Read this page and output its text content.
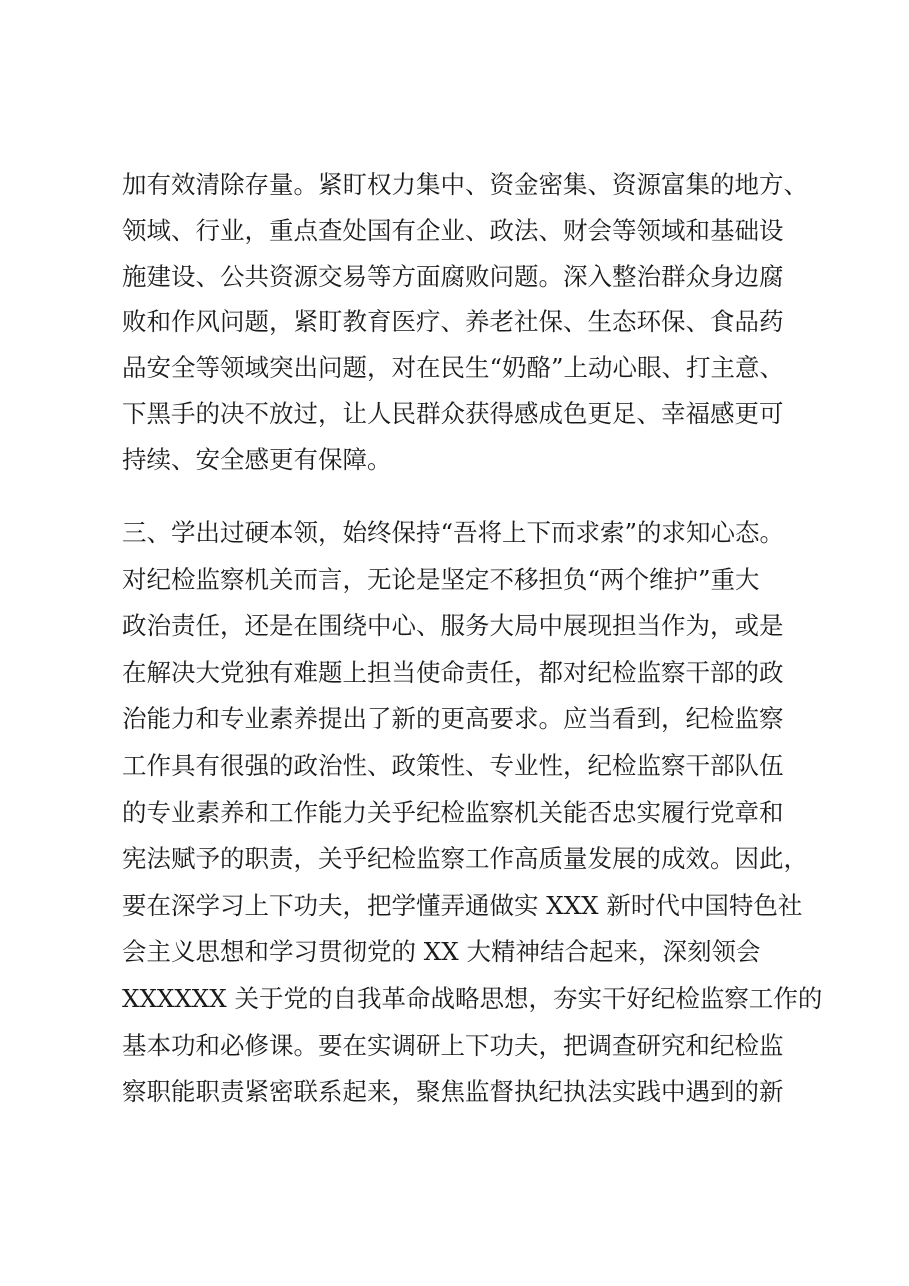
加有效清除存量。紧盯权力集中、资金密集、资源富集的地方、
领域、行业，重点查处国有企业、政法、财会等领域和基础设
施建设、公共资源交易等方面腐败问题。深入整治群众身边腐
败和作风问题，紧盯教育医疗、养老社保、生态环保、食品药
品安全等领域突出问题，对在民生“奶酪”上动心眼、打主意、
下黑手的决不放过，让人民群众获得感成色更足、幸福感更可
持续、安全感更有保障。
三、学出过硬本领，始终保持“吾将上下而求索”的求知心态。
对纪检监察机关而言，无论是坚定不移担负“两个维护”重大
政治责任，还是在围绕中心、服务大局中展现担当作为，或是
在解决大党独有难题上担当使命责任，都对纪检监察干部的政
治能力和专业素养提出了新的更高要求。应当看到，纪检监察
工作具有很强的政治性、政策性、专业性，纪检监察干部队伍
的专业素养和工作能力关乎纪检监察机关能否忠实履行党章和
宪法赋予的职责，关乎纪检监察工作高质量发展的成效。因此，
要在深学习上下功夫，把学懂弄通做实 XXX 新时代中国特色社
会主义思想和学习贯彻党的 XX 大精神结合起来，深刻领会
XXXXXX 关于党的自我革命战略思想，夯实干好纪检监察工作的
基本功和必修课。要在实调研上下功夫，把调查研究和纪检监
察职能职责紧密联系起来，聚焦监督执纪执法实践中遇到的新
